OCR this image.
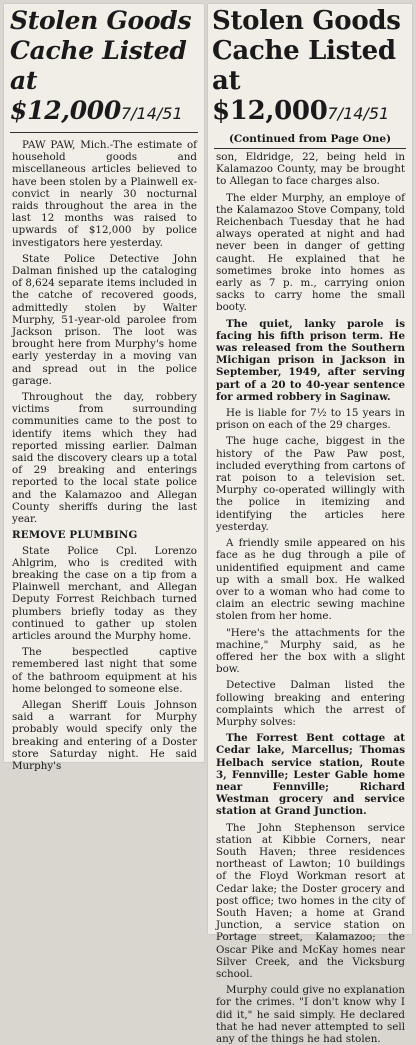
Stolen Goods Cache Listed at $12,0007/14/51

PAW PAW, Mich.-The estimate of household goods and miscellaneous articles believed to have been stolen by a Plainwell ex-convict in nearly 30 nocturnal raids throughout the area in the last 12 months was raised to upwards of $12,000 by police investigators here yesterday.

State Police Detective John Dalman finished up the cataloging of 8,624 separate items included in the catche of recovered goods, admittedly stolen by Walter Murphy, 51-year-old parolee from Jackson prison. The loot was brought here from Murphy's home early yesterday in a moving van and spread out in the police garage.

Throughout the day, robbery victims from surrounding communities came to the post to identify items which they had reported missing earlier. Dalman said the discovery clears up a total of 29 breaking and enterings reported to the local state police and the Kalamazoo and Allegan County sheriffs during the last year.

REMOVE PLUMBING

State Police Cpl. Lorenzo Ahlgrim, who is credited with breaking the case on a tip from a Plainwell merchant, and Allegan Deputy Forrest Reichbach turned plumbers briefly today as they continued to gather up stolen articles around the Murphy home.

The bespectled captive remembered last night that some of the bathroom equipment at his home belonged to someone else.

Allegan Sheriff Louis Johnson said a warrant for Murphy probably would specify only the breaking and entering of a Doster store Saturday night. He said Murphy's

Stolen Goods Cache Listed at $12,0007/14/51
(Continued from Page One)

son, Eldridge, 22, being held in Kalamazoo County, may be brought to Allegan to face charges also.

The elder Murphy, an employe of the Kalamazoo Stove Company, told Reichenbach Tuesday that he had always operated at night and had never been in danger of getting caught. He explained that he sometimes broke into homes as early as 7 p. m., carrying onion sacks to carry home the small booty.

The quiet, lanky parole is facing his fifth prison term. He was released from the Southern Michigan prison in Jackson in September, 1949, after serving part of a 20 to 40-year sentence for armed robbery in Saginaw.

He is liable for 7½ to 15 years in prison on each of the 29 charges.

The huge cache, biggest in the history of the Paw Paw post, included everything from cartons of rat poison to a television set. Murphy co-operated willingly with the police in itemizing and identifying the articles here yesterday.

A friendly smile appeared on his face as he dug through a pile of unidentified equipment and came up with a small box. He walked over to a woman who had come to claim an electric sewing machine stolen from her home.

"Here's the attachments for the machine," Murphy said, as he offered her the box with a slight bow.

Detective Dalman listed the following breaking and entering complaints which the arrest of Murphy solves:

The Forrest Bent cottage at Cedar lake, Marcellus; Thomas Helbach service station, Route 3, Fennville; Lester Gable home near Fennville; Richard Westman grocery and service station at Grand Junction.

The John Stephenson service station at Kibbie Corners, near South Haven; three residences northeast of Lawton; 10 buildings of the Floyd Workman resort at Cedar lake; the Doster grocery and post office; two homes in the city of South Haven; a home at Grand Junction, a service station on Portage street, Kalamazoo; the Oscar Pike and McKay homes near Silver Creek, and the Vicksburg school.

Murphy could give no explanation for the crimes. "I don't know why I did it," he said simply. He declared that he had never attempted to sell any of the things he had stolen.
